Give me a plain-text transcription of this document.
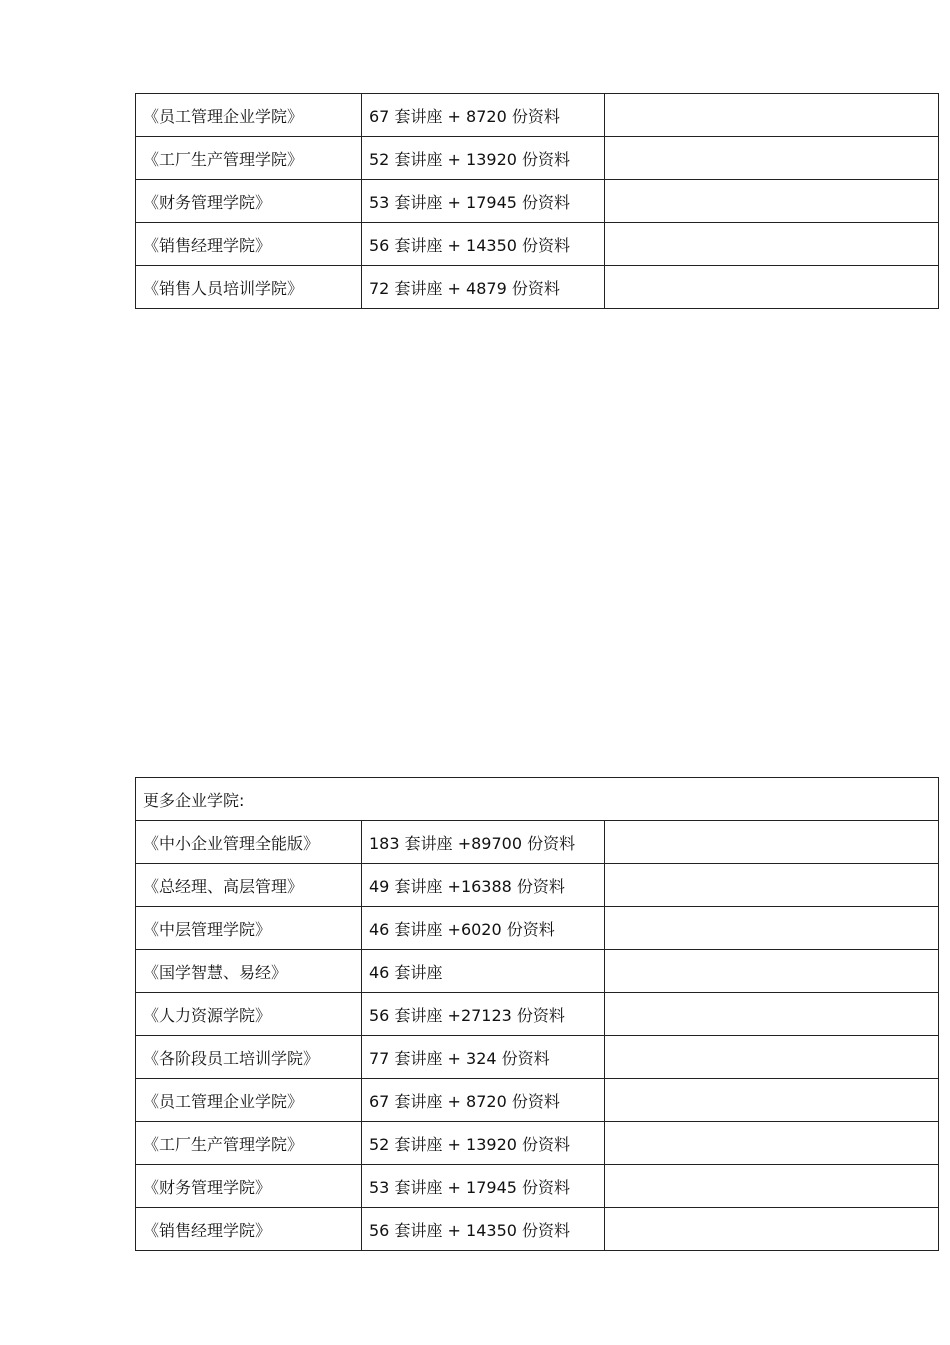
《员工管理企业学院》	67 套讲座 + 8720 份资料	
《工厂生产管理学院》	52 套讲座 + 13920 份资料	
《财务管理学院》	53 套讲座 + 17945 份资料	
《销售经理学院》	56 套讲座 + 14350 份资料	
《销售人员培训学院》	72 套讲座 + 4879 份资料	
更多企业学院:		
《中小企业管理全能版》	183 套讲座 +89700 份资料	
《总经理、高层管理》	49 套讲座 +16388 份资料	
《中层管理学院》	46 套讲座 +6020 份资料	
《国学智慧、易经》	46 套讲座	
《人力资源学院》	56 套讲座 +27123 份资料	
《各阶段员工培训学院》	77 套讲座 + 324 份资料	
《员工管理企业学院》	67 套讲座 + 8720 份资料	
《工厂生产管理学院》	52 套讲座 + 13920 份资料	
《财务管理学院》	53 套讲座 + 17945 份资料	
《销售经理学院》	56 套讲座 + 14350 份资料	
